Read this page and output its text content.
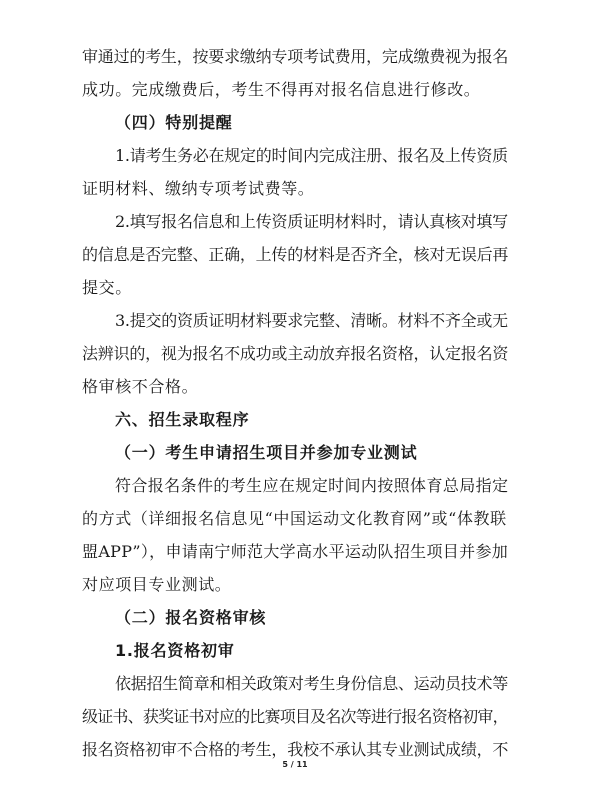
审通过的考生，按要求缴纳专项考试费用，完成缴费视为报名
成功。完成缴费后，考生不得再对报名信息进行修改。
（四）特别提醒
1.请考生务必在规定的时间内完成注册、报名及上传资质
证明材料、缴纳专项考试费等。
2.填写报名信息和上传资质证明材料时，请认真核对填写
的信息是否完整、正确，上传的材料是否齐全，核对无误后再
提交。
3.提交的资质证明材料要求完整、清晰。材料不齐全或无
法辨识的，视为报名不成功或主动放弃报名资格，认定报名资
格审核不合格。
六、招生录取程序
（一）考生申请招生项目并参加专业测试
符合报名条件的考生应在规定时间内按照体育总局指定
的方式（详细报名信息见“中国运动文化教育网”或“体教联
盟APP”），申请南宁师范大学高水平运动队招生项目并参加
对应项目专业测试。
（二）报名资格审核
1.报名资格初审
依据招生简章和相关政策对考生身份信息、运动员技术等
级证书、获奖证书对应的比赛项目及名次等进行报名资格初审，
报名资格初审不合格的考生，我校不承认其专业测试成绩，不
5 / 11
